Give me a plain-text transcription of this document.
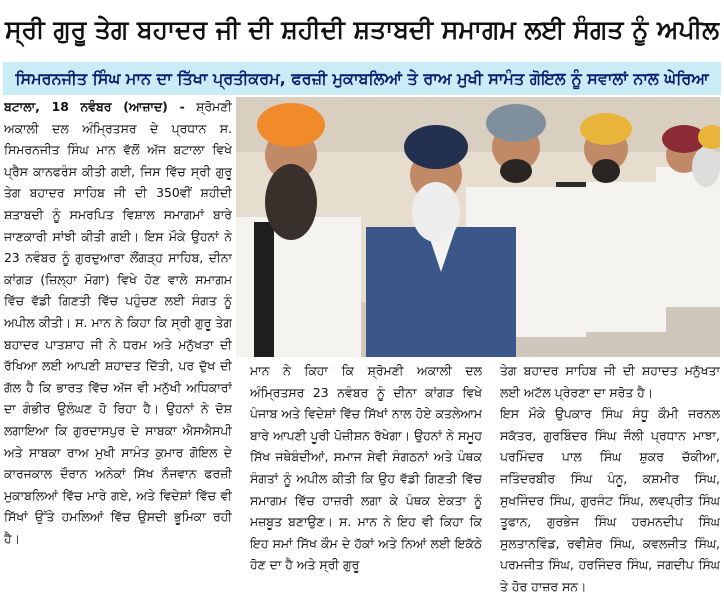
ਸ੍ਰੀ ਗੁਰੂ ਤੇਗ ਬਹਾਦਰ ਜੀ ਦੀ ਸ਼ਹੀਦੀ ਸ਼ਤਾਬਦੀ ਸਮਾਗਮ ਲਈ ਸੰਗਤ ਨੂੰ ਅਪੀਲ
ਸਿਮਰਨਜੀਤ ਸਿੰਘ ਮਾਨ ਦਾ ਤਿੱਖਾ ਪ੍ਰਤੀਕਰਮ, ਫਰਜ਼ੀ ਮੁਕਾਬਲਿਆਂ ਤੇ ਰਾਅ ਮੁਖੀ ਸਾਮੰਤ ਗੋਇਲ ਨੂੰ ਸਵਾਲਾਂ ਨਾਲ ਘੇਰਿਆ

ਬਟਾਲਾ, 18 ਨਵੰਬਰ (ਆਜ਼ਾਦ) - ਸ਼੍ਰੋਮਣੀ ਅਕਾਲੀ ਦਲ ਅੰਮ੍ਰਿਤਸਰ ਦੇ ਪ੍ਰਧਾਨ ਸ. ਸਿਮਰਨਜੀਤ ਸਿੰਘ ਮਾਨ ਵੱਲੋਂ ਅੱਜ ਬਟਾਲਾ ਵਿਖੇ ਪ੍ਰੈਸ ਕਾਨਫਰੰਸ ਕੀਤੀ ਗਈ, ਜਿਸ ਵਿੱਚ ਸ੍ਰੀ ਗੁਰੂ ਤੇਗ ਬਹਾਦਰ ਸਾਹਿਬ ਜੀ ਦੀ 350ਵੀਂ ਸ਼ਹੀਦੀ ਸ਼ਤਾਬਦੀ ਨੂੰ ਸਮਰਪਿਤ ਵਿਸ਼ਾਲ ਸਮਾਗਮਾਂ ਬਾਰੇ ਜਾਣਕਾਰੀ ਸਾਂਝੀ ਕੀਤੀ ਗਈ। ਇਸ ਮੌਕੇ ਉਹਨਾਂ ਨੇ 23 ਨਵੰਬਰ ਨੂੰ ਗੁਰਦੁਆਰਾ ਲੌਂਗੜ੍ਹ ਸਾਹਿਬ, ਦੀਨਾ ਕਾਂਗੜ (ਜ਼ਿਲ੍ਹਾ ਮੋਗਾ) ਵਿਖੇ ਹੋਣ ਵਾਲੇ ਸਮਾਗਮ ਵਿੱਚ ਵੱਡੀ ਗਿਣਤੀ ਵਿੱਚ ਪਹੁੰਚਣ ਲਈ ਸੰਗਤ ਨੂੰ ਅਪੀਲ ਕੀਤੀ। ਸ. ਮਾਨ ਨੇ ਕਿਹਾ ਕਿ ਸ੍ਰੀ ਗੁਰੂ ਤੇਗ ਬਹਾਦਰ ਪਾਤਸ਼ਾਹ ਜੀ ਨੇ ਧਰਮ ਅਤੇ ਮਨੁੱਖਤਾ ਦੀ ਰੱਖਿਆ ਲਈ ਆਪਣੀ ਸ਼ਹਾਦਤ ਦਿੱਤੀ, ਪਰ ਦੁੱਖ ਦੀ ਗੱਲ ਹੈ ਕਿ ਭਾਰਤ ਵਿੱਚ ਅੱਜ ਵੀ ਮਨੁੱਖੀ ਅਧਿਕਾਰਾਂ ਦਾ ਗੰਭੀਰ ਉਲੰਘਣ ਹੋ ਰਿਹਾ ਹੈ। ਉਹਨਾਂ ਨੇ ਦੋਸ਼ ਲਗਾਇਆ ਕਿ ਗੁਰਦਾਸਪੁਰ ਦੇ ਸਾਬਕਾ ਐਸਐਸਪੀ ਅਤੇ ਸਾਬਕਾ ਰਾਅ ਮੁਖੀ ਸਾਮੰਤ ਕੁਮਾਰ ਗੋਇਲ ਦੇ ਕਾਰਜਕਾਲ ਦੌਰਾਨ ਅਨੇਕਾਂ ਸਿੱਖ ਨੌਜਵਾਨ ਫਰਜ਼ੀ ਮੁਕਾਬਲਿਆਂ ਵਿੱਚ ਮਾਰੇ ਗਏ, ਅਤੇ ਵਿਦੇਸ਼ਾਂ ਵਿੱਚ ਵੀ ਸਿੱਖਾਂ ਉੱਤੇ ਹਮਲਿਆਂ ਵਿੱਚ ਉਸਦੀ ਭੂਮਿਕਾ ਰਹੀ ਹੈ।

ਮਾਨ ਨੇ ਕਿਹਾ ਕਿ ਸ਼੍ਰੋਮਣੀ ਅਕਾਲੀ ਦਲ ਅੰਮ੍ਰਿਤਸਰ 23 ਨਵੰਬਰ ਨੂੰ ਦੀਨਾ ਕਾਂਗੜ ਵਿਖੇ ਪੰਜਾਬ ਅਤੇ ਵਿਦੇਸ਼ਾਂ ਵਿੱਚ ਸਿੱਖਾਂ ਨਾਲ ਹੋਏ ਕਤਲੇਆਮ ਬਾਰੇ ਆਪਣੀ ਪੂਰੀ ਪੋਜ਼ੀਸ਼ਨ ਰੱਖੇਗਾ। ਉਹਨਾਂ ਨੇ ਸਮੂਹ ਸਿੱਖ ਜਥੇਬੰਦੀਆਂ, ਸਮਾਜ ਸੇਵੀ ਸੰਗਠਨਾਂ ਅਤੇ ਪੰਥਕ ਸੰਗਤਾਂ ਨੂੰ ਅਪੀਲ ਕੀਤੀ ਕਿ ਉਹ ਵੱਡੀ ਗਿਣਤੀ ਵਿੱਚ ਸਮਾਗਮ ਵਿੱਚ ਹਾਜ਼ਰੀ ਲਗਾ ਕੇ ਪੰਥਕ ਏਕਤਾ ਨੂੰ ਮਜ਼ਬੂਤ ਬਣਾਉਣ। ਸ. ਮਾਨ ਨੇ ਇਹ ਵੀ ਕਿਹਾ ਕਿ ਇਹ ਸਮਾਂ ਸਿੱਖ ਕੌਮ ਦੇ ਹੱਕਾਂ ਅਤੇ ਨਿਆਂ ਲਈ ਇਕੱਠੇ ਹੋਣ ਦਾ ਹੈ ਅਤੇ ਸ੍ਰੀ ਗੁਰੂ

ਤੇਗ ਬਹਾਦਰ ਸਾਹਿਬ ਜੀ ਦੀ ਸ਼ਹਾਦਤ ਮਨੁੱਖਤਾ ਲਈ ਅਟੱਲ ਪ੍ਰੇਰਣਾ ਦਾ ਸਰੋਤ ਹੈ।

ਇਸ ਮੌਕੇ ਉਪਕਾਰ ਸਿੰਘ ਸੰਧੂ ਕੌਮੀ ਜਰਨਲ ਸਕੱਤਰ, ਗੁਰਬਿੰਦਰ ਸਿੰਘ ਜੌਲੀ ਪ੍ਰਧਾਨ ਮਾਝਾ, ਪਰਮਿੰਦਰ ਪਾਲ ਸਿੰਘ ਸ਼ੁਕਰ ਚੱਕੀਆ, ਜਤਿੰਦਰਬੀਰ ਸਿੰਘ ਪੰਨੂ, ਕਸ਼ਮੀਰ ਸਿੰਘ, ਸੁਖਜਿੰਦਰ ਸਿੰਘ, ਗੁਰਜੰਟ ਸਿੰਘ, ਲਵਪ੍ਰੀਤ ਸਿੰਘ ਤੂਫਾਨ, ਗੁਰਭੇਜ ਸਿੰਘ ਹਰਮਨਦੀਪ ਸਿੰਘ ਸੁਲਤਾਨਵਿੰਡ, ਰਵੀਸ਼ੇਰ ਸਿੰਘ, ਕਵਲਜੀਤ ਸਿੰਘ, ਪਰਮਜੀਤ ਸਿੰਘ, ਹਰਜਿੰਦਰ ਸਿੰਘ, ਜਗਦੀਪ ਸਿੰਘ ਤੇ ਹੋਰ ਹਾਜ਼ਰ ਸਨ।
